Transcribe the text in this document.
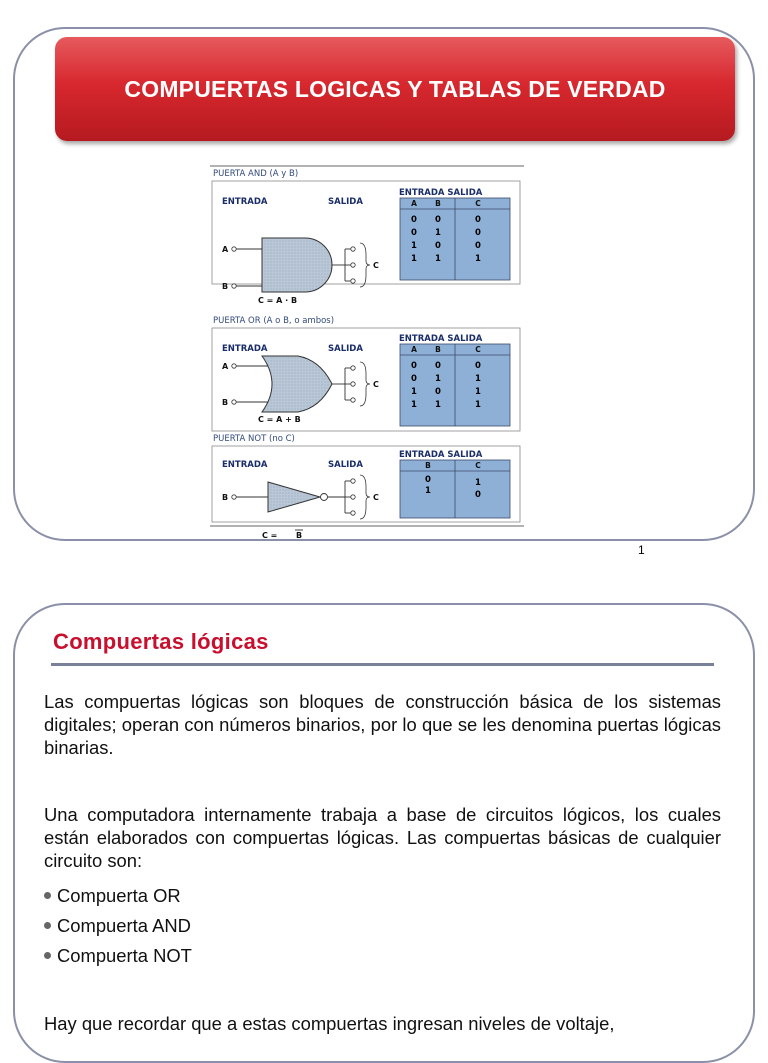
COMPUERTAS LOGICAS Y TABLAS DE VERDAD
PUERTA AND (A y B)
ENTRADA	SALIDA
A
B
C
C = A · B
ENTRADA SALIDA
A B	C
0 0	0
0 1	0
1 0	0
1 1	1
PUERTA OR (A o B, o ambos)
ENTRADA	SALIDA
A
B
C
C = A + B
ENTRADA SALIDA
A B	C
0 0	0
0 1	1
1 0	1
1 1	1
PUERTA NOT (no C)
ENTRADA	SALIDA
B	C
C = B
ENTRADA SALIDA
B	C
0	1
1	0
1
Compuertas lógicas

Las compuertas lógicas son bloques de construcción básica de los sistemas digitales; operan con números binarios, por lo que se les denomina puertas lógicas binarias.

Una computadora internamente trabaja a base de circuitos lógicos, los cuales están elaborados con compuertas lógicas. Las compuertas básicas de cualquier circuito son:

Compuerta OR
Compuerta AND
Compuerta NOT

Hay que recordar que a estas compuertas ingresan niveles de voltaje,
